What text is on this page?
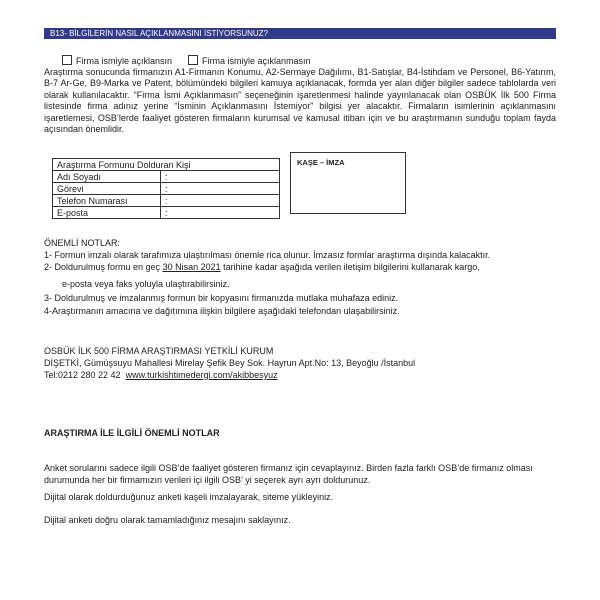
B13- BİLGİLERİN NASIL AÇIKLANMASINI İSTİYORSUNUZ?
Firma ismiyle açıklansın	Firma ismiyle açıklanmasın
Araştırma sonucunda firmanızın A1-Firmanın Konumu, A2-Sermaye Dağılımı, B1-Satışlar, B4-İstihdam ve Personel, B6-Yatırım, B-7 Ar-Ge, B9-Marka ve Patent, bölümündeki bilgileri kamuya açıklanacak, formda yer alan diğer bilgiler sadece tablolarda veri olarak kullanılacaktır. “Firma İsmi Açıklanmasın” seçeneğinin işaretlenmesi halinde yayınlanacak olan OSBÜK İlk 500 Firma listesinde firma adınız yerine “İsminin Açıklanmasını İstemiyor” bilgisi yer alacaktır. Firmaların isimlerinin açıklanmasını işaretlemesi, OSB’lerde faaliyet gösteren firmaların kurumsal ve kamusal itibarı için ve bu araştırmanın sunduğu toplam fayda açısından önemlidir.
Araştırma Formunu Dolduran Kişi	
Adı Soyadı	:
Görevi	:
Telefon Numarası	:
E-posta	:
KAŞE – İMZA
ÖNEMLİ NOTLAR:
1- Formun imzalı olarak tarafımıza ulaştırılması önemle rica olunur. İmzasız formlar araştırma dışında kalacaktır.
2- Doldurulmuş formu en geç 30 Nisan 2021 tarihine kadar aşağıda verilen iletişim bilgilerini kullanarak kargo,
e-posta veya faks yoluyla ulaştırabilirsiniz.
3- Doldurulmuş ve imzalanmış formun bir kopyasını firmanızda mutlaka muhafaza ediniz.
4-Araştırmanın amacına ve dağıtımına ilişkin bilgilere aşağıdaki telefondan ulaşabilirsiniz.
OSBÜK İLK 500 FİRMA ARAŞTIRMASI YETKİLİ KURUM
DİŞETKİ, Gümüşsuyu Mahallesi Mirelay Şefik Bey Sok. Hayrun Apt.No: 13, Beyoğlu /İstanbul
Tel:0212 280 22 42 www.turkishtimedergi.com/akibbesyuz
ARAŞTIRMA İLE İLGİLİ ÖNEMLİ NOTLAR
Anket sorularını sadece ilgili OSB’de faaliyet gösteren firmanız için cevaplayınız. Birden fazla farklı OSB’de firmanız olması durumunda her bir firmamızın verileri içi ilgili OSB’ yi seçerek ayrı ayrı doldurunuz.
Dijital olarak doldurduğunuz anketi kaşeli imzalayarak, siteme yükleyiniz.
Dijital anketi doğru olarak tamamladığınız mesajını saklayınız.
